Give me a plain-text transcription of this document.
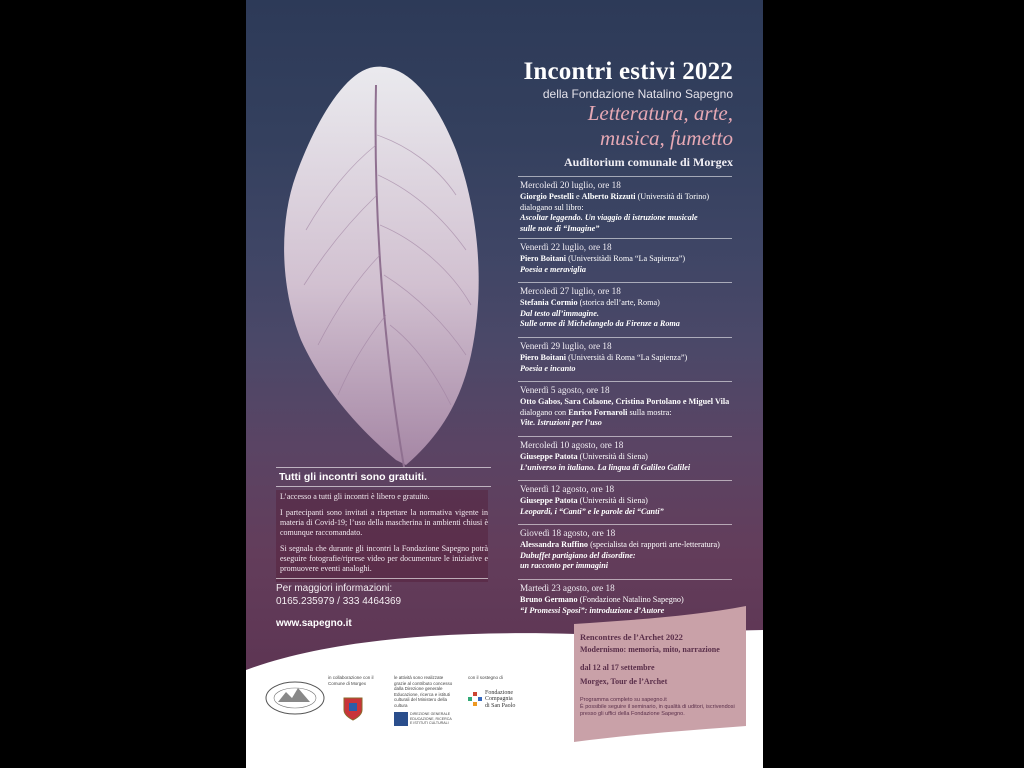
Incontri estivi 2022
della Fondazione Natalino Sapegno
Letteratura, arte,
musica, fumetto
Auditorium comunale di Morgex
Mercoledì 20 luglio, ore 18
Giorgio Pestelli e Alberto Rizzuti (Università di Torino)
dialogano sul libro:
Ascoltar leggendo. Un viaggio di istruzione musicale
sulle note di “Imagine”
Venerdì 22 luglio, ore 18
Piero Boitani (Universitàdi Roma “La Sapienza”)
Poesia e meraviglia
Mercoledì 27 luglio, ore 18
Stefania Cormio (storica dell’arte, Roma)
Dal testo all’immagine.
Sulle orme di Michelangelo da Firenze a Roma
Venerdì 29 luglio, ore 18
Piero Boitani (Università di Roma “La Sapienza”)
Poesia e incanto
Venerdì 5 agosto, ore 18
Otto Gabos, Sara Colaone, Cristina Portolano e Miguel Vila
dialogano con Enrico Fornaroli sulla mostra:
Vite. Istruzioni per l’uso
Mercoledì 10 agosto, ore 18
Giuseppe Patota (Università di Siena)
L’universo in italiano. La lingua di Galileo Galilei
Venerdì 12 agosto, ore 18
Giuseppe Patota (Università di Siena)
Leopardi, i “Canti” e le parole dei “Canti”
Giovedì 18 agosto, ore 18
Alessandra Ruffino (specialista dei rapporti arte-letteratura)
Dubuffet partigiano del disordine:
un racconto per immagini
Martedì 23 agosto, ore 18
Bruno Germano (Fondazione Natalino Sapegno)
“I Promessi Sposi”: introduzione d’Autore
Tutti gli incontri sono gratuiti.

L’accesso a tutti gli incontri è libero e gratuito.

I partecipanti sono invitati a rispettare la normativa vigente in materia di Covid-19; l’uso della mascherina in ambienti chiusi è comunque raccomandato.

Si segnala che durante gli incontri la Fondazione Sapegno potrà eseguire fotografie/riprese video per documentare le iniziative e promuovere eventi analoghi.

Per maggiori informazioni:
0165.235979 / 333 4464369
www.sapegno.it
in collaborazione con il Comune di Morgex
le attività sono realizzate grazie al contributo concesso dalla Direzione generale Educazione, ricerca e istituti culturali del Ministero della cultura
DIREZIONE GENERALE EDUCAZIONE, RICERCA E ISTITUTI CULTURALI
con il sostegno di
Fondazione
Compagnia
di San Paolo
Rencontres de l’Archet 2022
Modernismo: memoria, mito, narrazione
dal 12 al 17 settembre
Morgex, Tour de l’Archet
Programma completo su sapegno.it
È possibile seguire il seminario, in qualità di uditori, iscrivendosi presso gli uffici della Fondazione Sapegno.
